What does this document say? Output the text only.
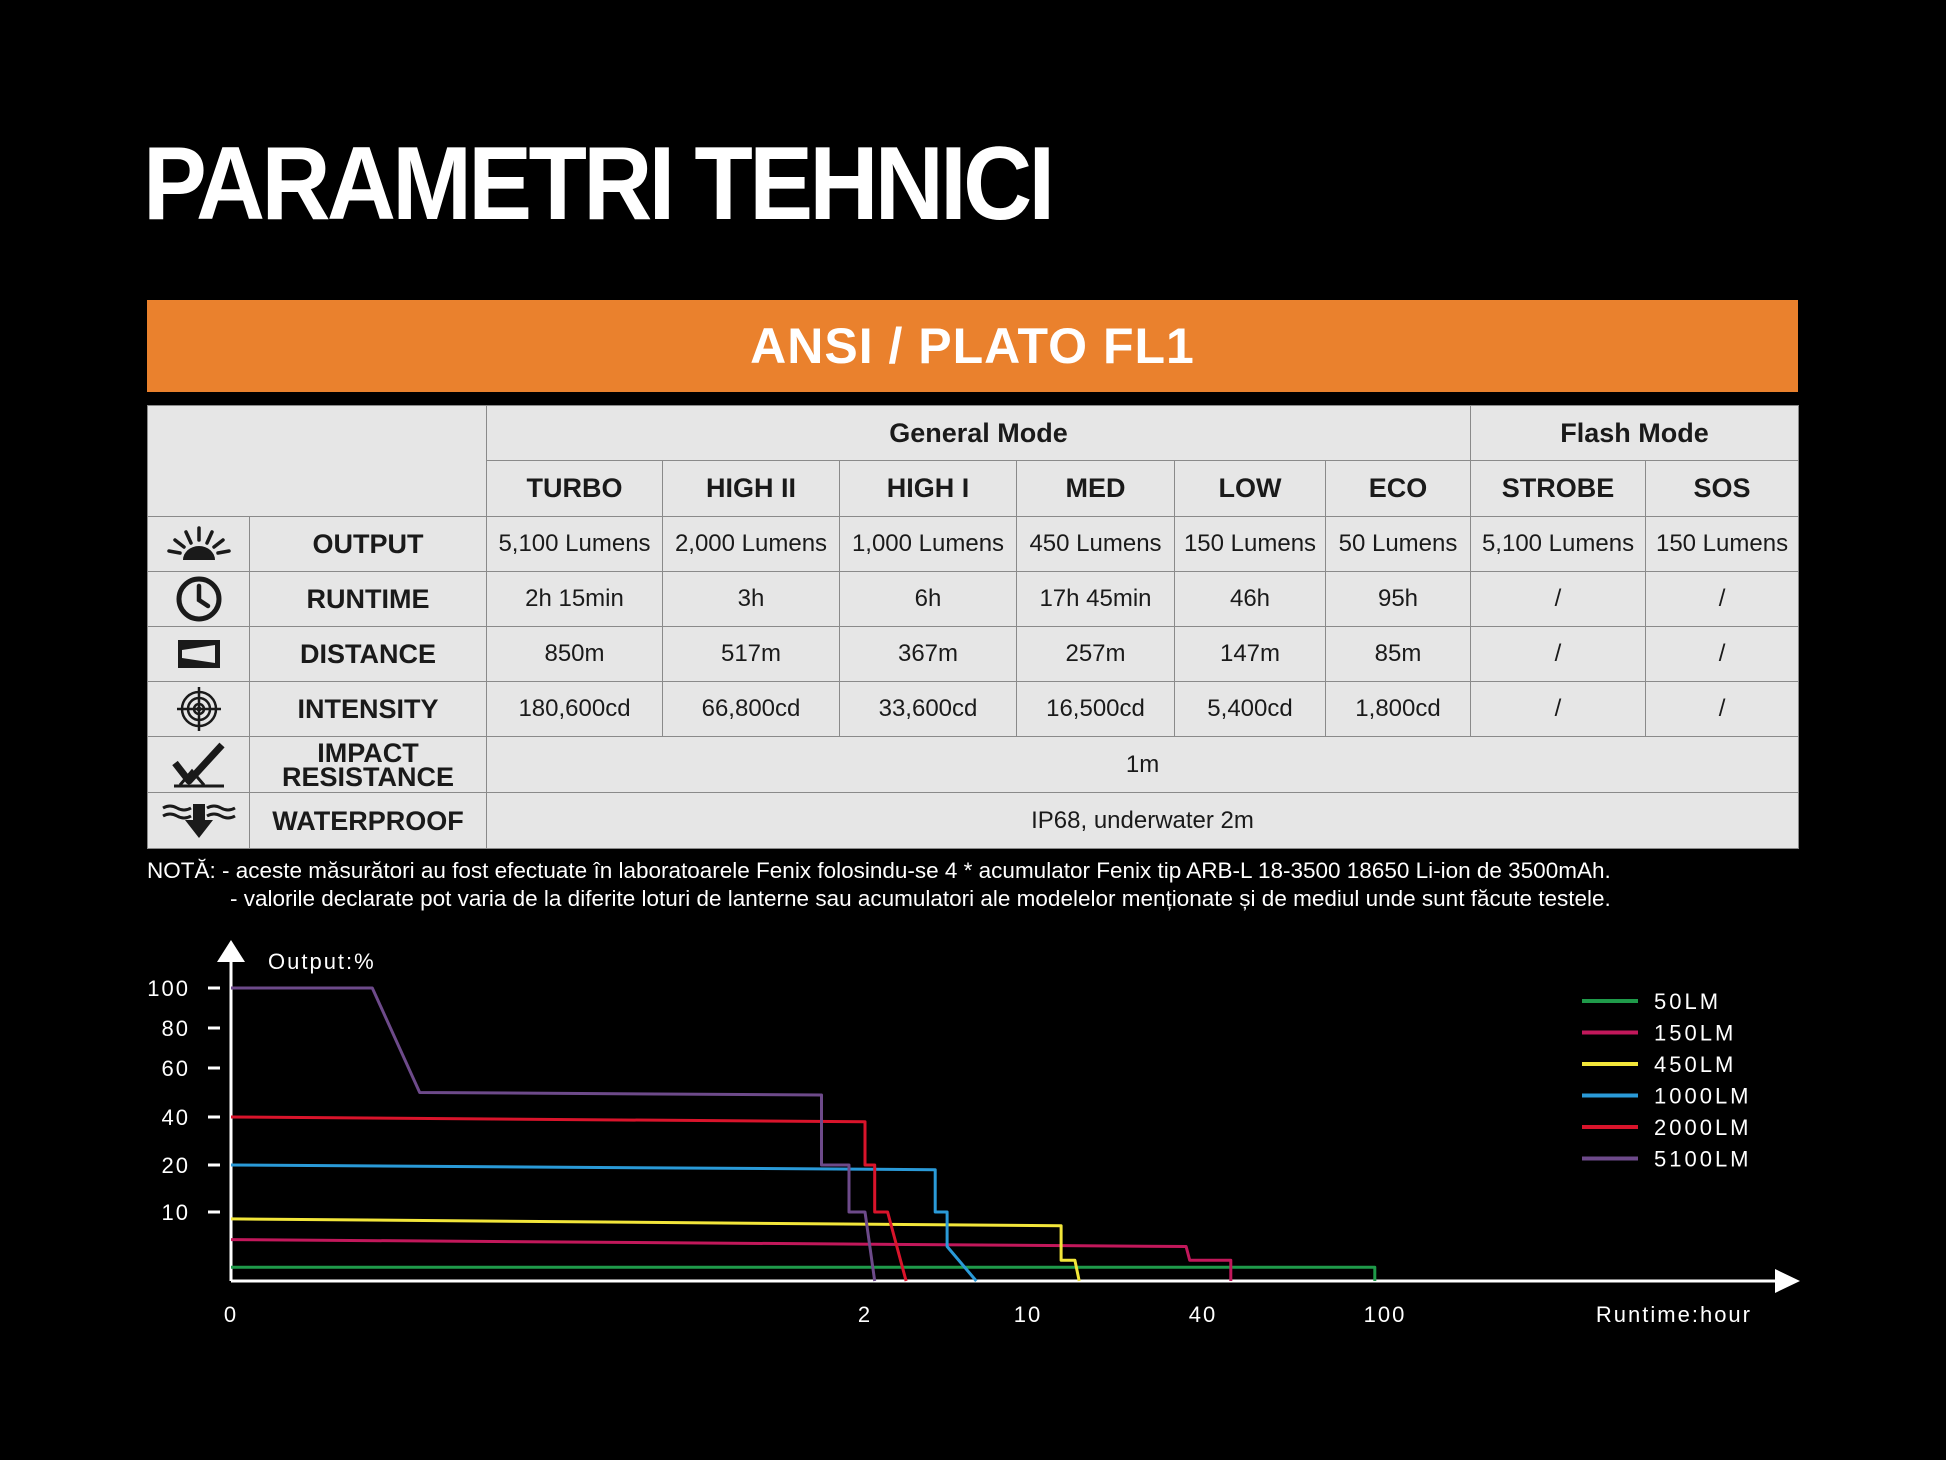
PARAMETRI TEHNICI
ANSI / PLATO FL1
		General Mode						Flash Mode	
		TURBO	HIGH II	HIGH I	MED	LOW	ECO	STROBE	SOS

	OUTPUT	5,100 Lumens	2,000 Lumens	1,000 Lumens	450 Lumens	150 Lumens	50 Lumens	5,100 Lumens	150 Lumens

	RUNTIME	2h 15min	3h	6h	17h 45min	46h	95h	/	/

	DISTANCE	850m	517m	367m	257m	147m	85m	/	/

	INTENSITY	180,600cd	66,800cd	33,600cd	16,500cd	5,400cd	1,800cd	/	/

IMPACT
RESISTANCE	1m							

	WATERPROOF	IP68, underwater 2m							
NOTĂ: - aceste măsurători au fost efectuate în laboratoarele Fenix folosindu-se 4 * acumulator Fenix tip ARB-L 18-3500 18650 Li-ion de 3500mAh.
- valorile declarate pot varia de la diferite loturi de lanterne sau acumulatori ale modelelor menționate și de mediul unde sunt făcute testele.
50LM
150LM
450LM
1000LM
2000LM
5100LM
100
80
60
40
20
10
0	2	10	40	100
Output:%
Runtime:hour
